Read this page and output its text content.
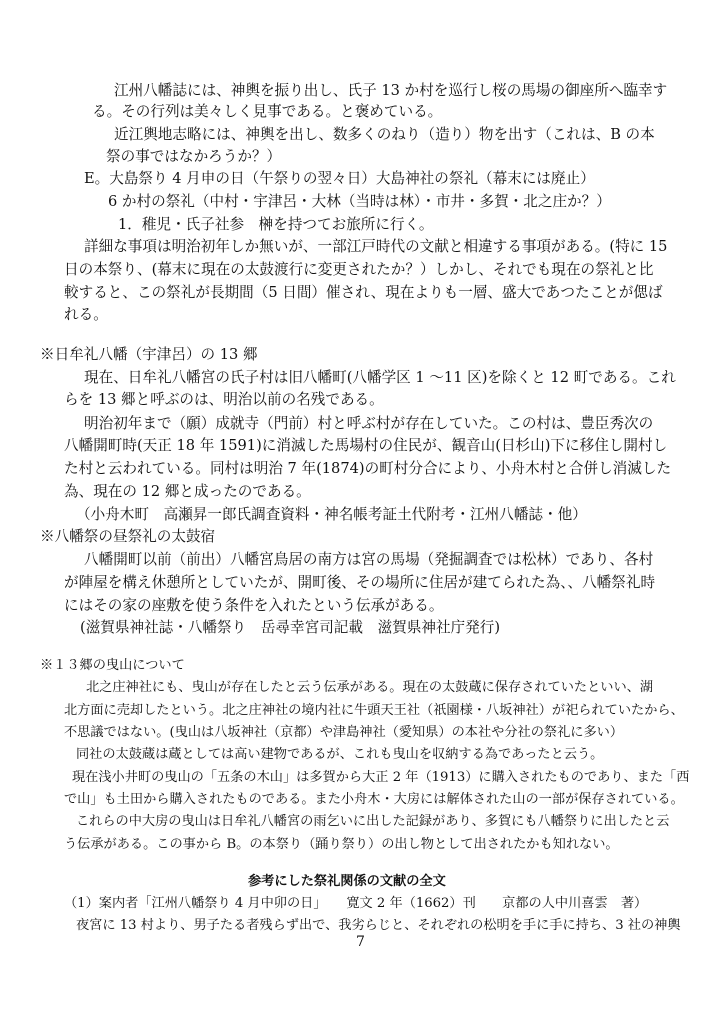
江州八幡誌には、神輿を振り出し、氏子 13 か村を巡行し桜の馬場の御座所へ臨幸す
る。その行列は美々しく見事である。と褒めている。
近江輿地志略には、神輿を出し、数多くのねり（造り）物を出す（これは、B の本
祭の事ではなかろうか？）
E。大島祭り 4 月申の日（午祭りの翌々日）大島神社の祭礼（幕末には廃止）
6 か村の祭礼（中村・宇津呂・大林（当時は林）・市井・多賀・北之庄か？）
1．稚児・氏子社参　榊を持つてお旅所に行く。
詳細な事項は明治初年しか無いが、一部江戸時代の文献と相違する事項がある。(特に 15
日の本祭り、(幕末に現在の太鼓渡行に変更されたか？）しかし、それでも現在の祭礼と比
較すると、この祭礼が長期間（5 日間）催され、現在よりも一層、盛大であつたことが偲ば
れる。
※日牟礼八幡（宇津呂）の 13 郷
現在、日牟礼八幡宮の氏子村は旧八幡町(八幡学区 1 〜11 区)を除くと 12 町である。これ
らを 13 郷と呼ぶのは、明治以前の名残である。
明治初年まで（願）成就寺（門前）村と呼ぶ村が存在していた。この村は、豊臣秀次の
八幡開町時(天正 18 年 1591)に消滅した馬場村の住民が、観音山(日杉山)下に移住し開村し
た村と云われている。同村は明治 7 年(1874)の町村分合により、小舟木村と合併し消滅した
為、現在の 12 郷と成ったのである。
（小舟木町　高瀬昇一郎氏調査資料・神名帳考証土代附考・江州八幡誌・他）
※八幡祭の昼祭礼の太鼓宿
八幡開町以前（前出）八幡宮鳥居の南方は宮の馬場（発掘調査では松林）であり、各村
が陣屋を構え休憩所としていたが、開町後、その場所に住居が建てられた為、、八幡祭礼時
にはその家の座敷を使う条件を入れたという伝承がある。
(滋賀県神社誌・八幡祭り　岳尋幸宮司記載　滋賀県神社庁発行)
※１３郷の曳山について
北之庄神社にも、曳山が存在したと云う伝承がある。現在の太鼓蔵に保存されていたといい、湖
北方面に売却したという。北之庄神社の境内社に牛頭天王社（祇園様・八坂神社）が祀られていたから、
不思議ではない。(曳山は八坂神社（京都）や津島神社（愛知県）の本社や分社の祭礼に多い）
同社の太鼓蔵は蔵としては高い建物であるが、これも曳山を収納する為であったと云う。
現在浅小井町の曳山の「五条の木山」は多賀から大正 2 年（1913）に購入されたものであり、また「西
で山」も土田から購入されたものである。また小舟木・大房には解体された山の一部が保存されている。
これらの中大房の曳山は日牟礼八幡宮の雨乞いに出した記録があり、多賀にも八幡祭りに出したと云
う伝承がある。この事から B。の本祭り（踊り祭り）の出し物として出されたかも知れない。
参考にした祭礼関係の文献の全文
（1）案内者「江州八幡祭り 4 月中卯の日」　　寛文 2 年（1662）刊　　京都の人中川喜雲　著）
夜宮に 13 村より、男子たる者残らず出で、我劣らじと、それぞれの松明を手に手に持ち、3 社の神輿
7
